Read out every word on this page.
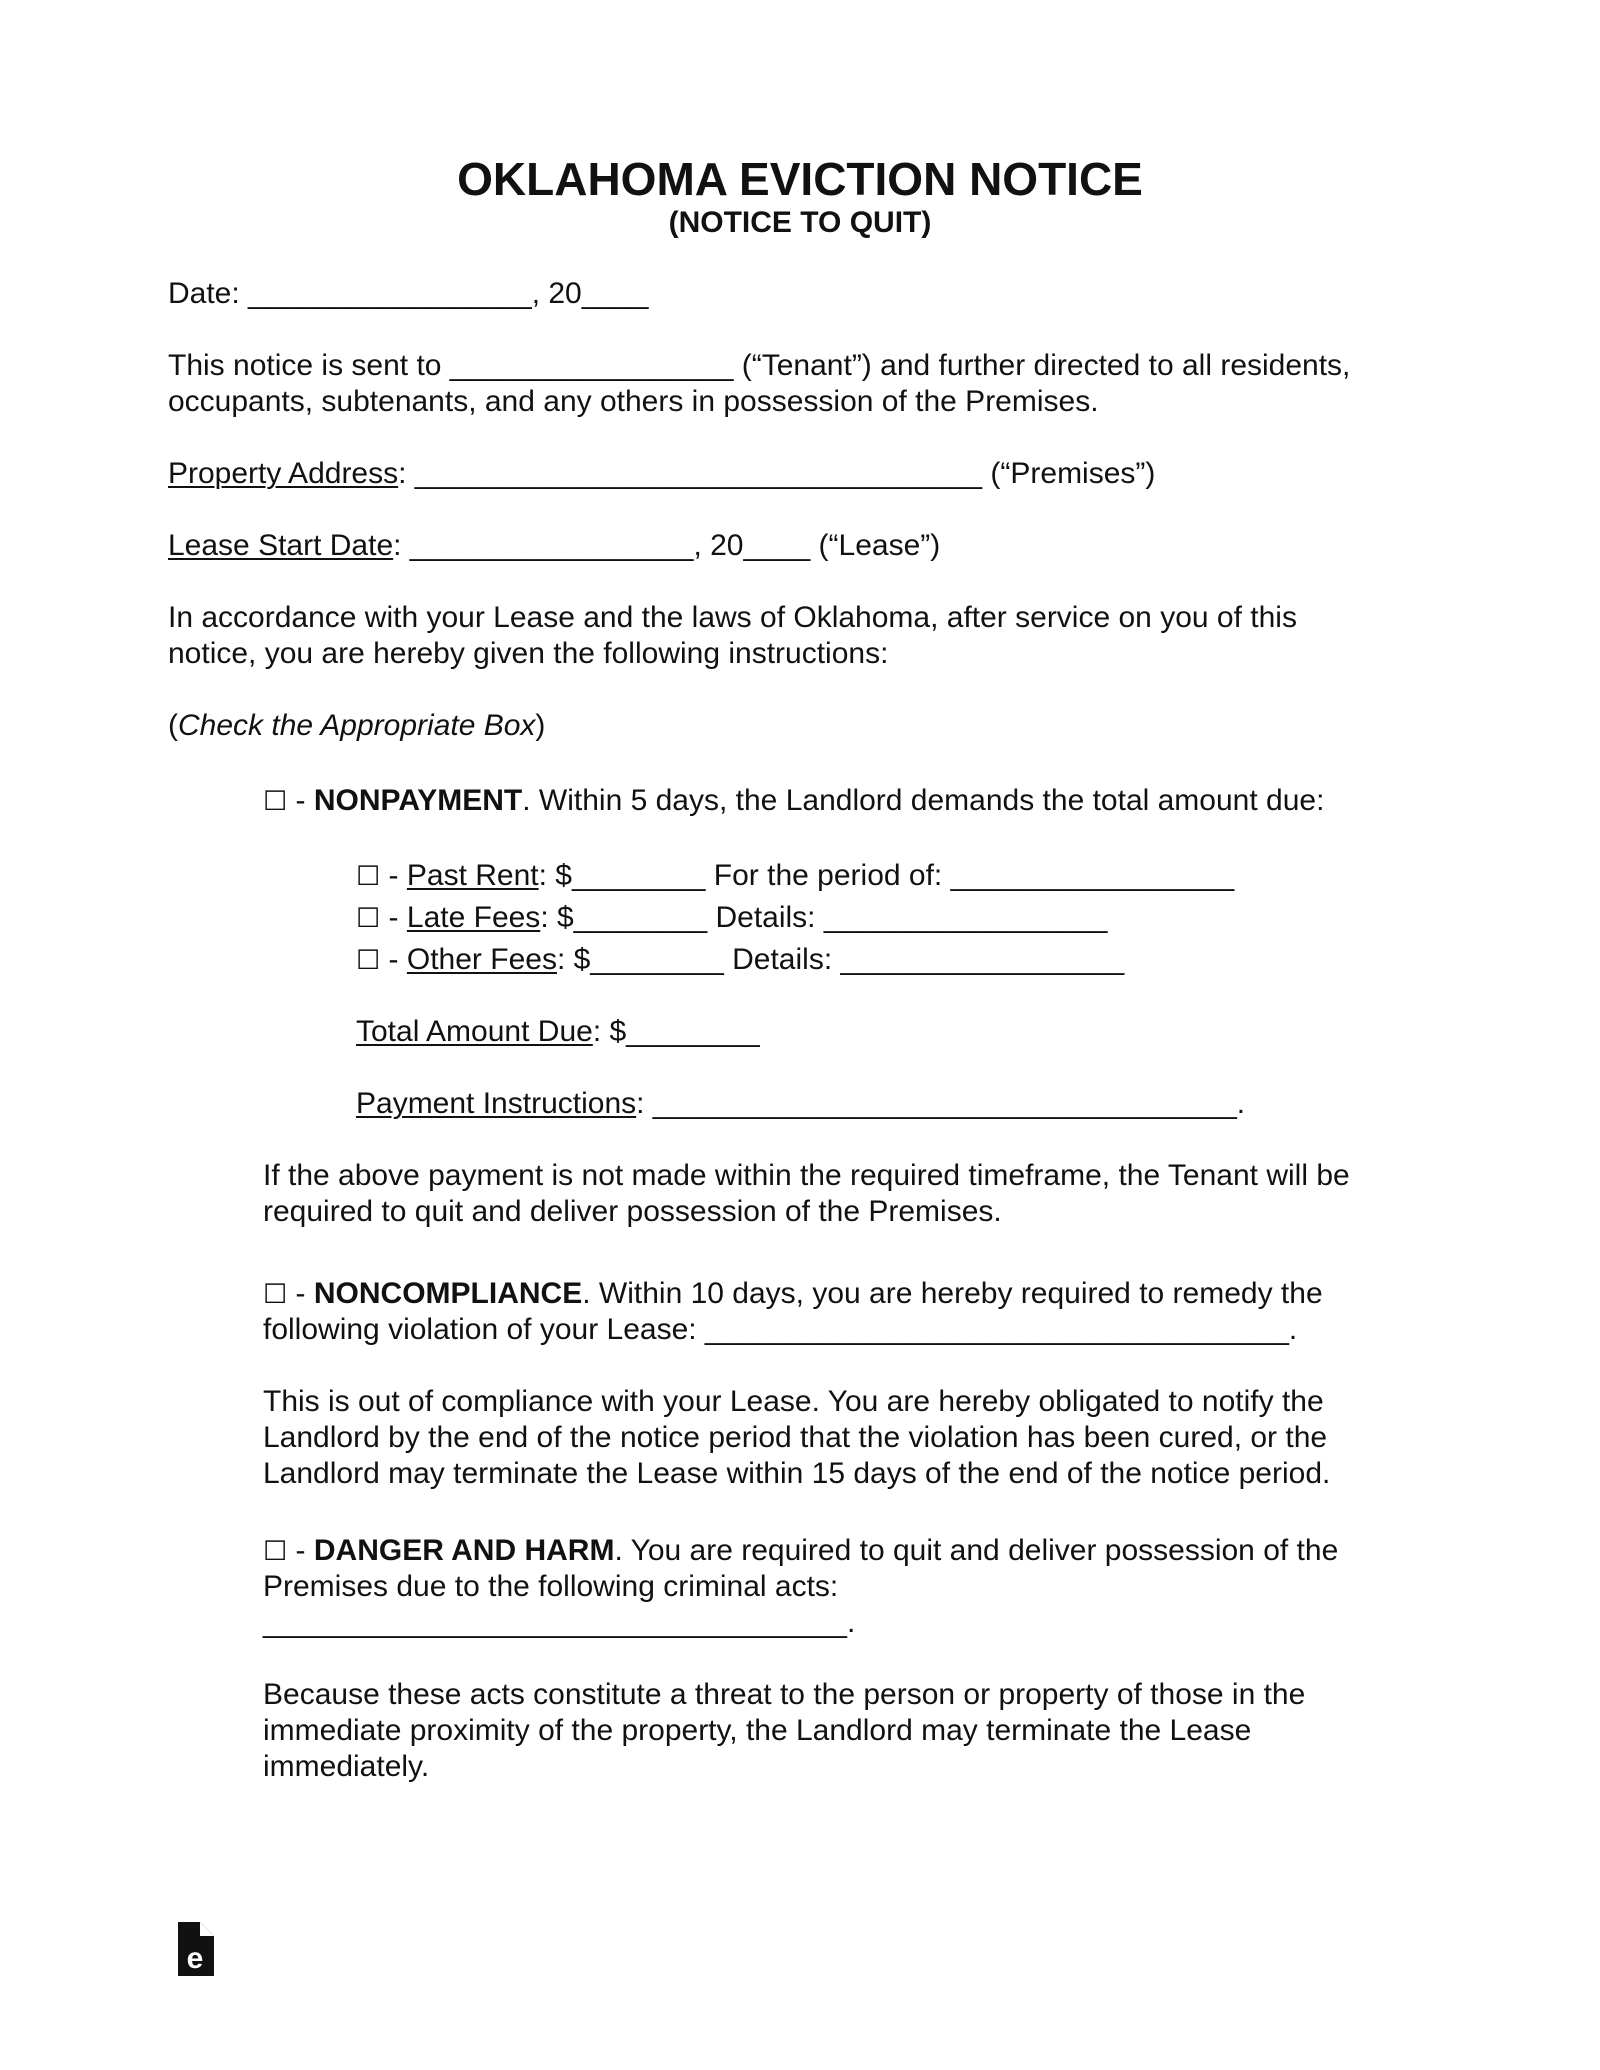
OKLAHOMA EVICTION NOTICE
(NOTICE TO QUIT)
Date: _________________, 20____
This notice is sent to _________________ (“Tenant”) and further directed to all residents,
occupants, subtenants, and any others in possession of the Premises.
Property Address: __________________________________ (“Premises”)
Lease Start Date: _________________, 20____ (“Lease”)
In accordance with your Lease and the laws of Oklahoma, after service on you of this
notice, you are hereby given the following instructions:
(Check the Appropriate Box)
☐ - NONPAYMENT. Within 5 days, the Landlord demands the total amount due:
☐ - Past Rent: $________ For the period of: _________________
☐ - Late Fees: $________ Details: _________________
☐ - Other Fees: $________ Details: _________________
Total Amount Due: $________
Payment Instructions: ___________________________________.
If the above payment is not made within the required timeframe, the Tenant will be
required to quit and deliver possession of the Premises.
☐ - NONCOMPLIANCE. Within 10 days, you are hereby required to remedy the
following violation of your Lease: ___________________________________.
This is out of compliance with your Lease. You are hereby obligated to notify the
Landlord by the end of the notice period that the violation has been cured, or the
Landlord may terminate the Lease within 15 days of the end of the notice period.
☐ - DANGER AND HARM. You are required to quit and deliver possession of the
Premises due to the following criminal acts:
___________________________________.
Because these acts constitute a threat to the person or property of those in the
immediate proximity of the property, the Landlord may terminate the Lease
immediately.
e
